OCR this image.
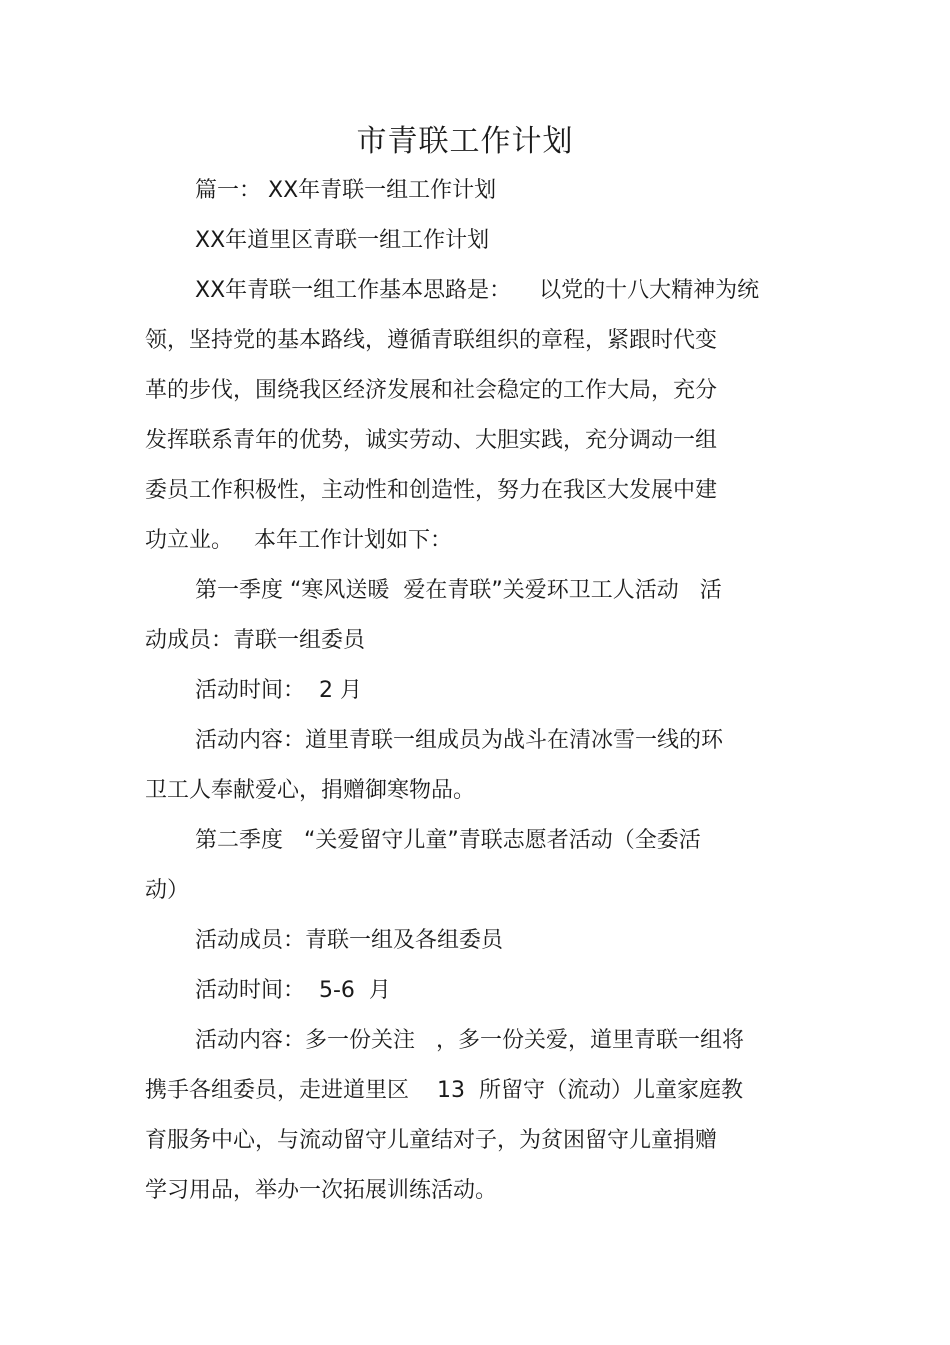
市青联工作计划

篇一： XX年青联一组工作计划

XX年道里区青联一组工作计划

XX年青联一组工作基本思路是：    以党的十八大精神为统

领，坚持党的基本路线，遵循青联组织的章程，紧跟时代变

革的步伐，围绕我区经济发展和社会稳定的工作大局，充分

发挥联系青年的优势，诚实劳动、大胆实践，充分调动一组

委员工作积极性，主动性和创造性，努力在我区大发展中建

功立业。   本年工作计划如下：

第一季度 “寒风送暖  爱在青联”关爱环卫工人活动   活

动成员：青联一组委员

活动时间：  2 月

活动内容：道里青联一组成员为战斗在清冰雪一线的环

卫工人奉献爱心，捐赠御寒物品。

第二季度   “关爱留守儿童”青联志愿者活动（全委活

动）

活动成员：青联一组及各组委员

活动时间：  5-6  月

活动内容：多一份关注   ，多一份关爱，道里青联一组将

携手各组委员，走进道里区    13  所留守（流动）儿童家庭教

育服务中心，与流动留守儿童结对子，为贫困留守儿童捐赠

学习用品，举办一次拓展训练活动。
